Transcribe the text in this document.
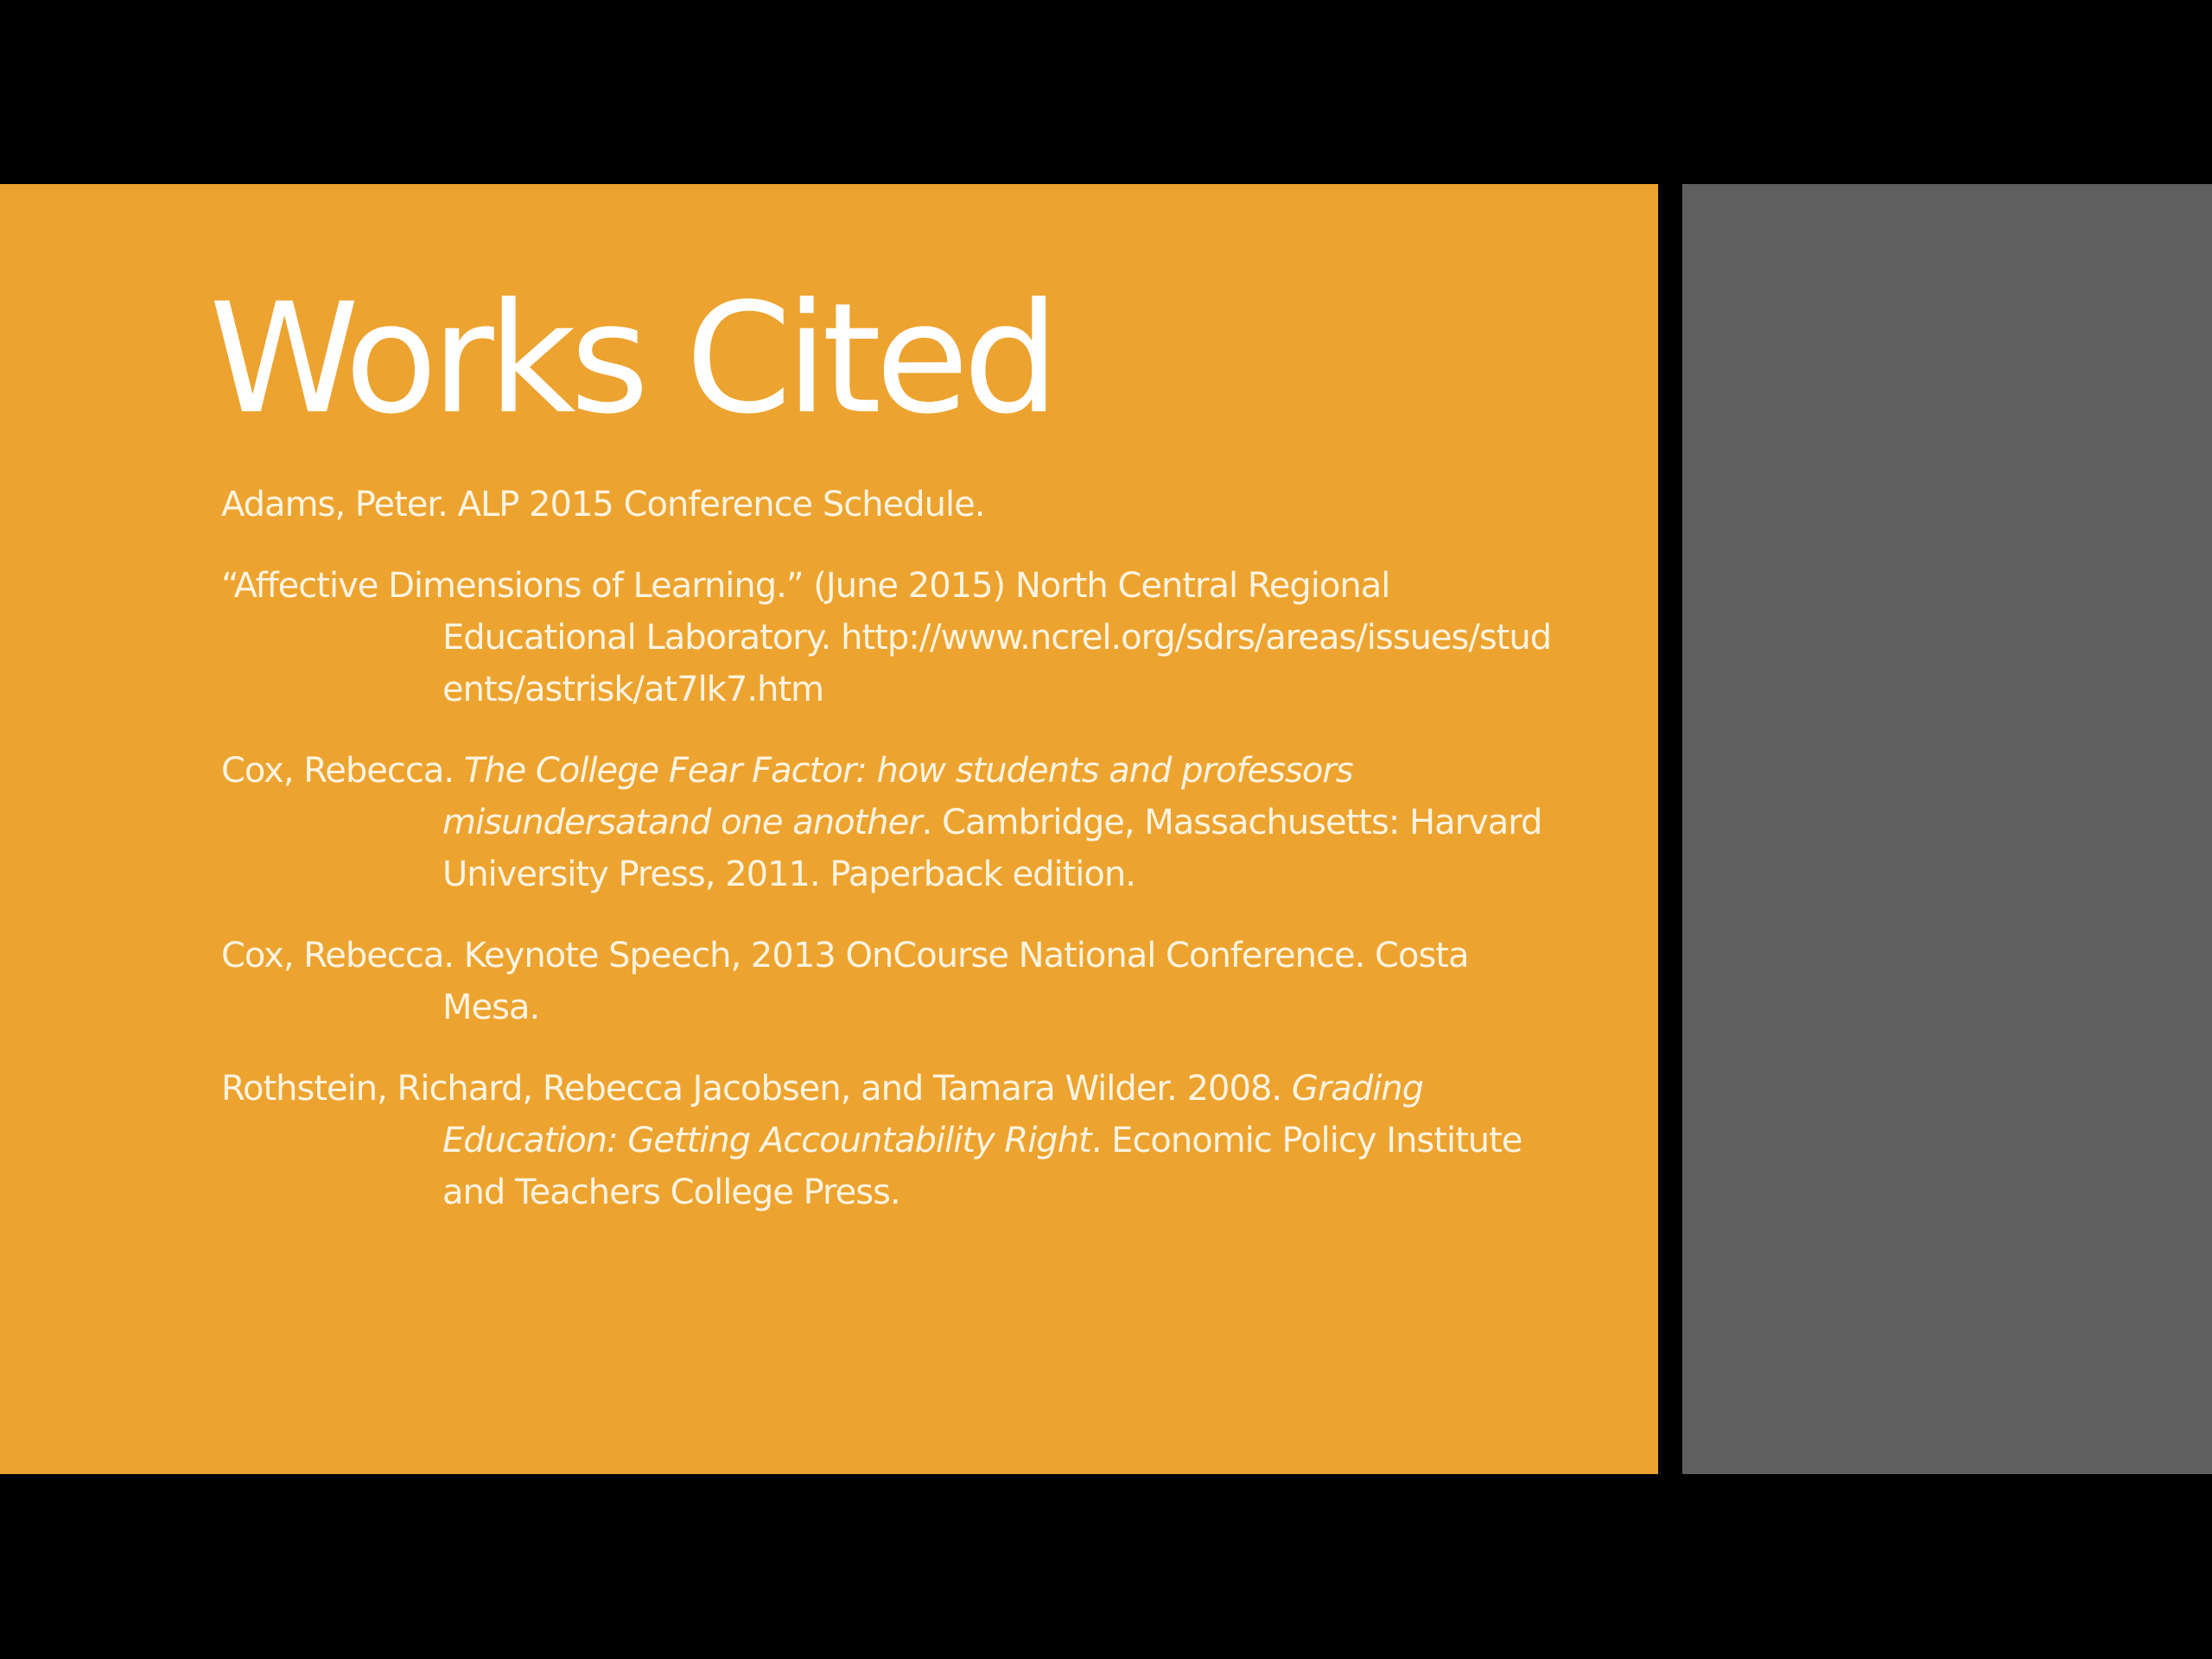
Works Cited
Adams, Peter. ALP 2015 Conference Schedule.
“Affective Dimensions of Learning.” (June 2015) North Central Regional Educational Laboratory. http://www.ncrel.org/sdrs/areas/issues/students/astrisk/at7lk7.htm
Cox, Rebecca. The College Fear Factor: how students and professors misundersatand one another. Cambridge, Massachusetts: Harvard University Press, 2011. Paperback edition.
Cox, Rebecca. Keynote Speech, 2013 OnCourse National Conference. Costa Mesa.
Rothstein, Richard, Rebecca Jacobsen, and Tamara Wilder. 2008. Grading Education: Getting Accountability Right. Economic Policy Institute and Teachers College Press.
